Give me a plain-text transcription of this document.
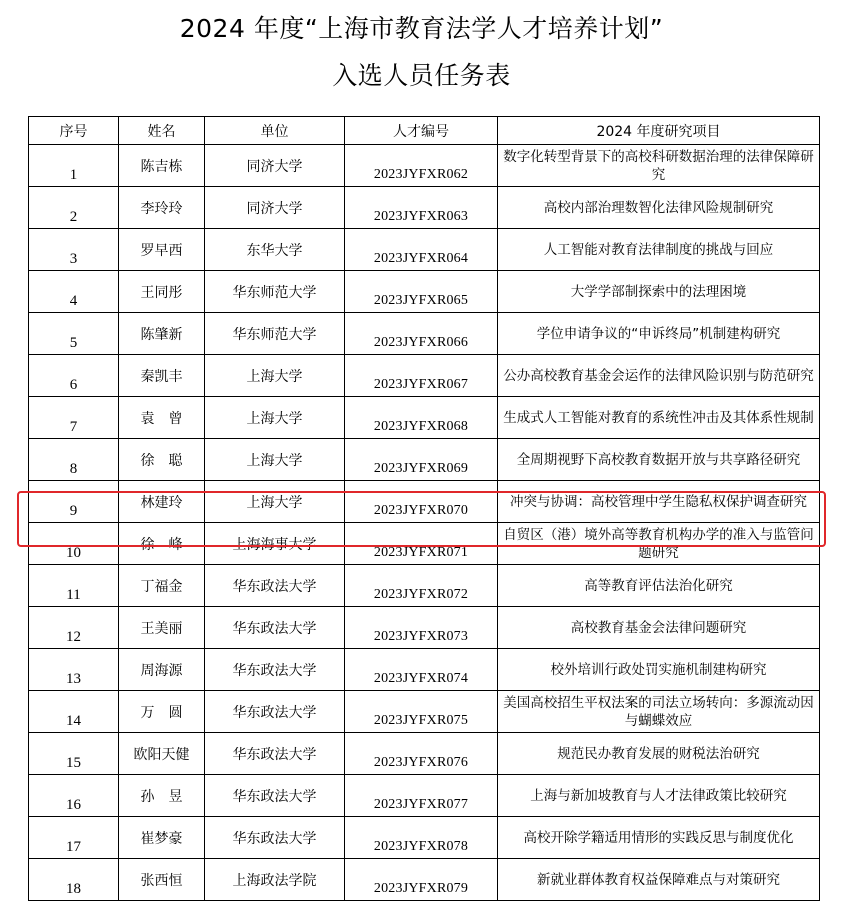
2024 年度“上海市教育法学人才培养计划”
入选人员任务表
序号	姓名	单位	人才编号	2024 年度研究项目
1	陈吉栋	同济大学	2023JYFXR062	数字化转型背景下的高校科研数据治理的法律保障研究
2	李玲玲	同济大学	2023JYFXR063	高校内部治理数智化法律风险规制研究
3	罗早西	东华大学	2023JYFXR064	人工智能对教育法律制度的挑战与回应
4	王同彤	华东师范大学	2023JYFXR065	大学学部制探索中的法理困境
5	陈肇新	华东师范大学	2023JYFXR066	学位申请争议的“申诉终局”机制建构研究
6	秦凯丰	上海大学	2023JYFXR067	公办高校教育基金会运作的法律风险识别与防范研究
7	袁　曾	上海大学	2023JYFXR068	生成式人工智能对教育的系统性冲击及其体系性规制
8	徐　聪	上海大学	2023JYFXR069	全周期视野下高校教育数据开放与共享路径研究
9	林建玲	上海大学	2023JYFXR070	冲突与协调：高校管理中学生隐私权保护调查研究
10	徐　峰	上海海事大学	2023JYFXR071	自贸区（港）境外高等教育机构办学的准入与监管问题研究
11	丁福金	华东政法大学	2023JYFXR072	高等教育评估法治化研究
12	王美丽	华东政法大学	2023JYFXR073	高校教育基金会法律问题研究
13	周海源	华东政法大学	2023JYFXR074	校外培训行政处罚实施机制建构研究
14	万　圆	华东政法大学	2023JYFXR075	美国高校招生平权法案的司法立场转向：多源流动因与蝴蝶效应
15	欧阳天健	华东政法大学	2023JYFXR076	规范民办教育发展的财税法治研究
16	孙　昱	华东政法大学	2023JYFXR077	上海与新加坡教育与人才法律政策比较研究
17	崔梦豪	华东政法大学	2023JYFXR078	高校开除学籍适用情形的实践反思与制度优化
18	张西恒	上海政法学院	2023JYFXR079	新就业群体教育权益保障难点与对策研究
